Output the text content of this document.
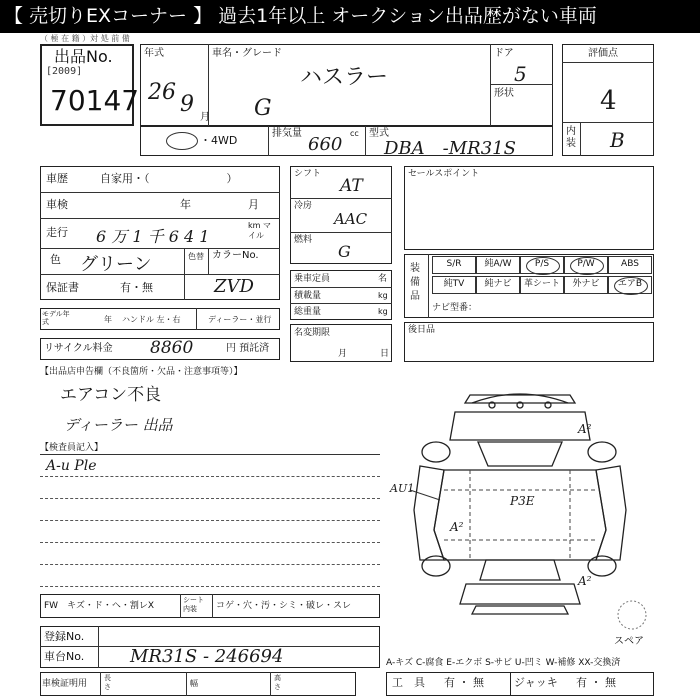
【 売切りEXコーナー 】 過去1年以上 オークション出品歴がない車両
（ 極 在 籍 ）対 処 前 備
出品No.
[2009]
70147
年式
26 9
月
車名・グレード
ハスラー
G
ドア
5
形状
・4WD
排気量	cc
660
型式
DBA　-MR31S
評価点
4
内装 B
車歴	自家用・（　　　　　　　）
車検	年	月
走行 6 万 1 千 6 4 1
km マイル
色 グリーン	色替 カラーNo.
ZVD
保証書	有・無
モデル年式	年 ハンドル 左・右	ディーラー・並行
リサイクル料金 8860	円 預託済
シフト
AT
冷房
AAC
燃料
G
乗車定員	名
積載量	kg
総重量	kg
名変期限
月	日
セールスポイント
装備品
S/R	純A/W	P/S	P/W	ABS
純TV	純ナビ	革シート	外ナビ	エアB
ナビ型番：
後日品
【出品店申告欄（不良箇所・欠品・注意事項等）】
エアコン不良
ディーラー 出品
【検査員記入】
A-u Ple
A²
AU1
P3E
A²
A²
スペア
FW　キズ・ド・ヘ・割レX
シート内装	コゲ・穴・汚・シミ・破レ・スレ
登録No.
車台No.	MR31S - 246694
車検証明用
長さ	幅
高さ
A-キズ C-腐食 E-エクボ S-サビ U-凹ミ W-補修 XX-交換済
工　具 有 ・ 無	ジャッキ 有 ・ 無
